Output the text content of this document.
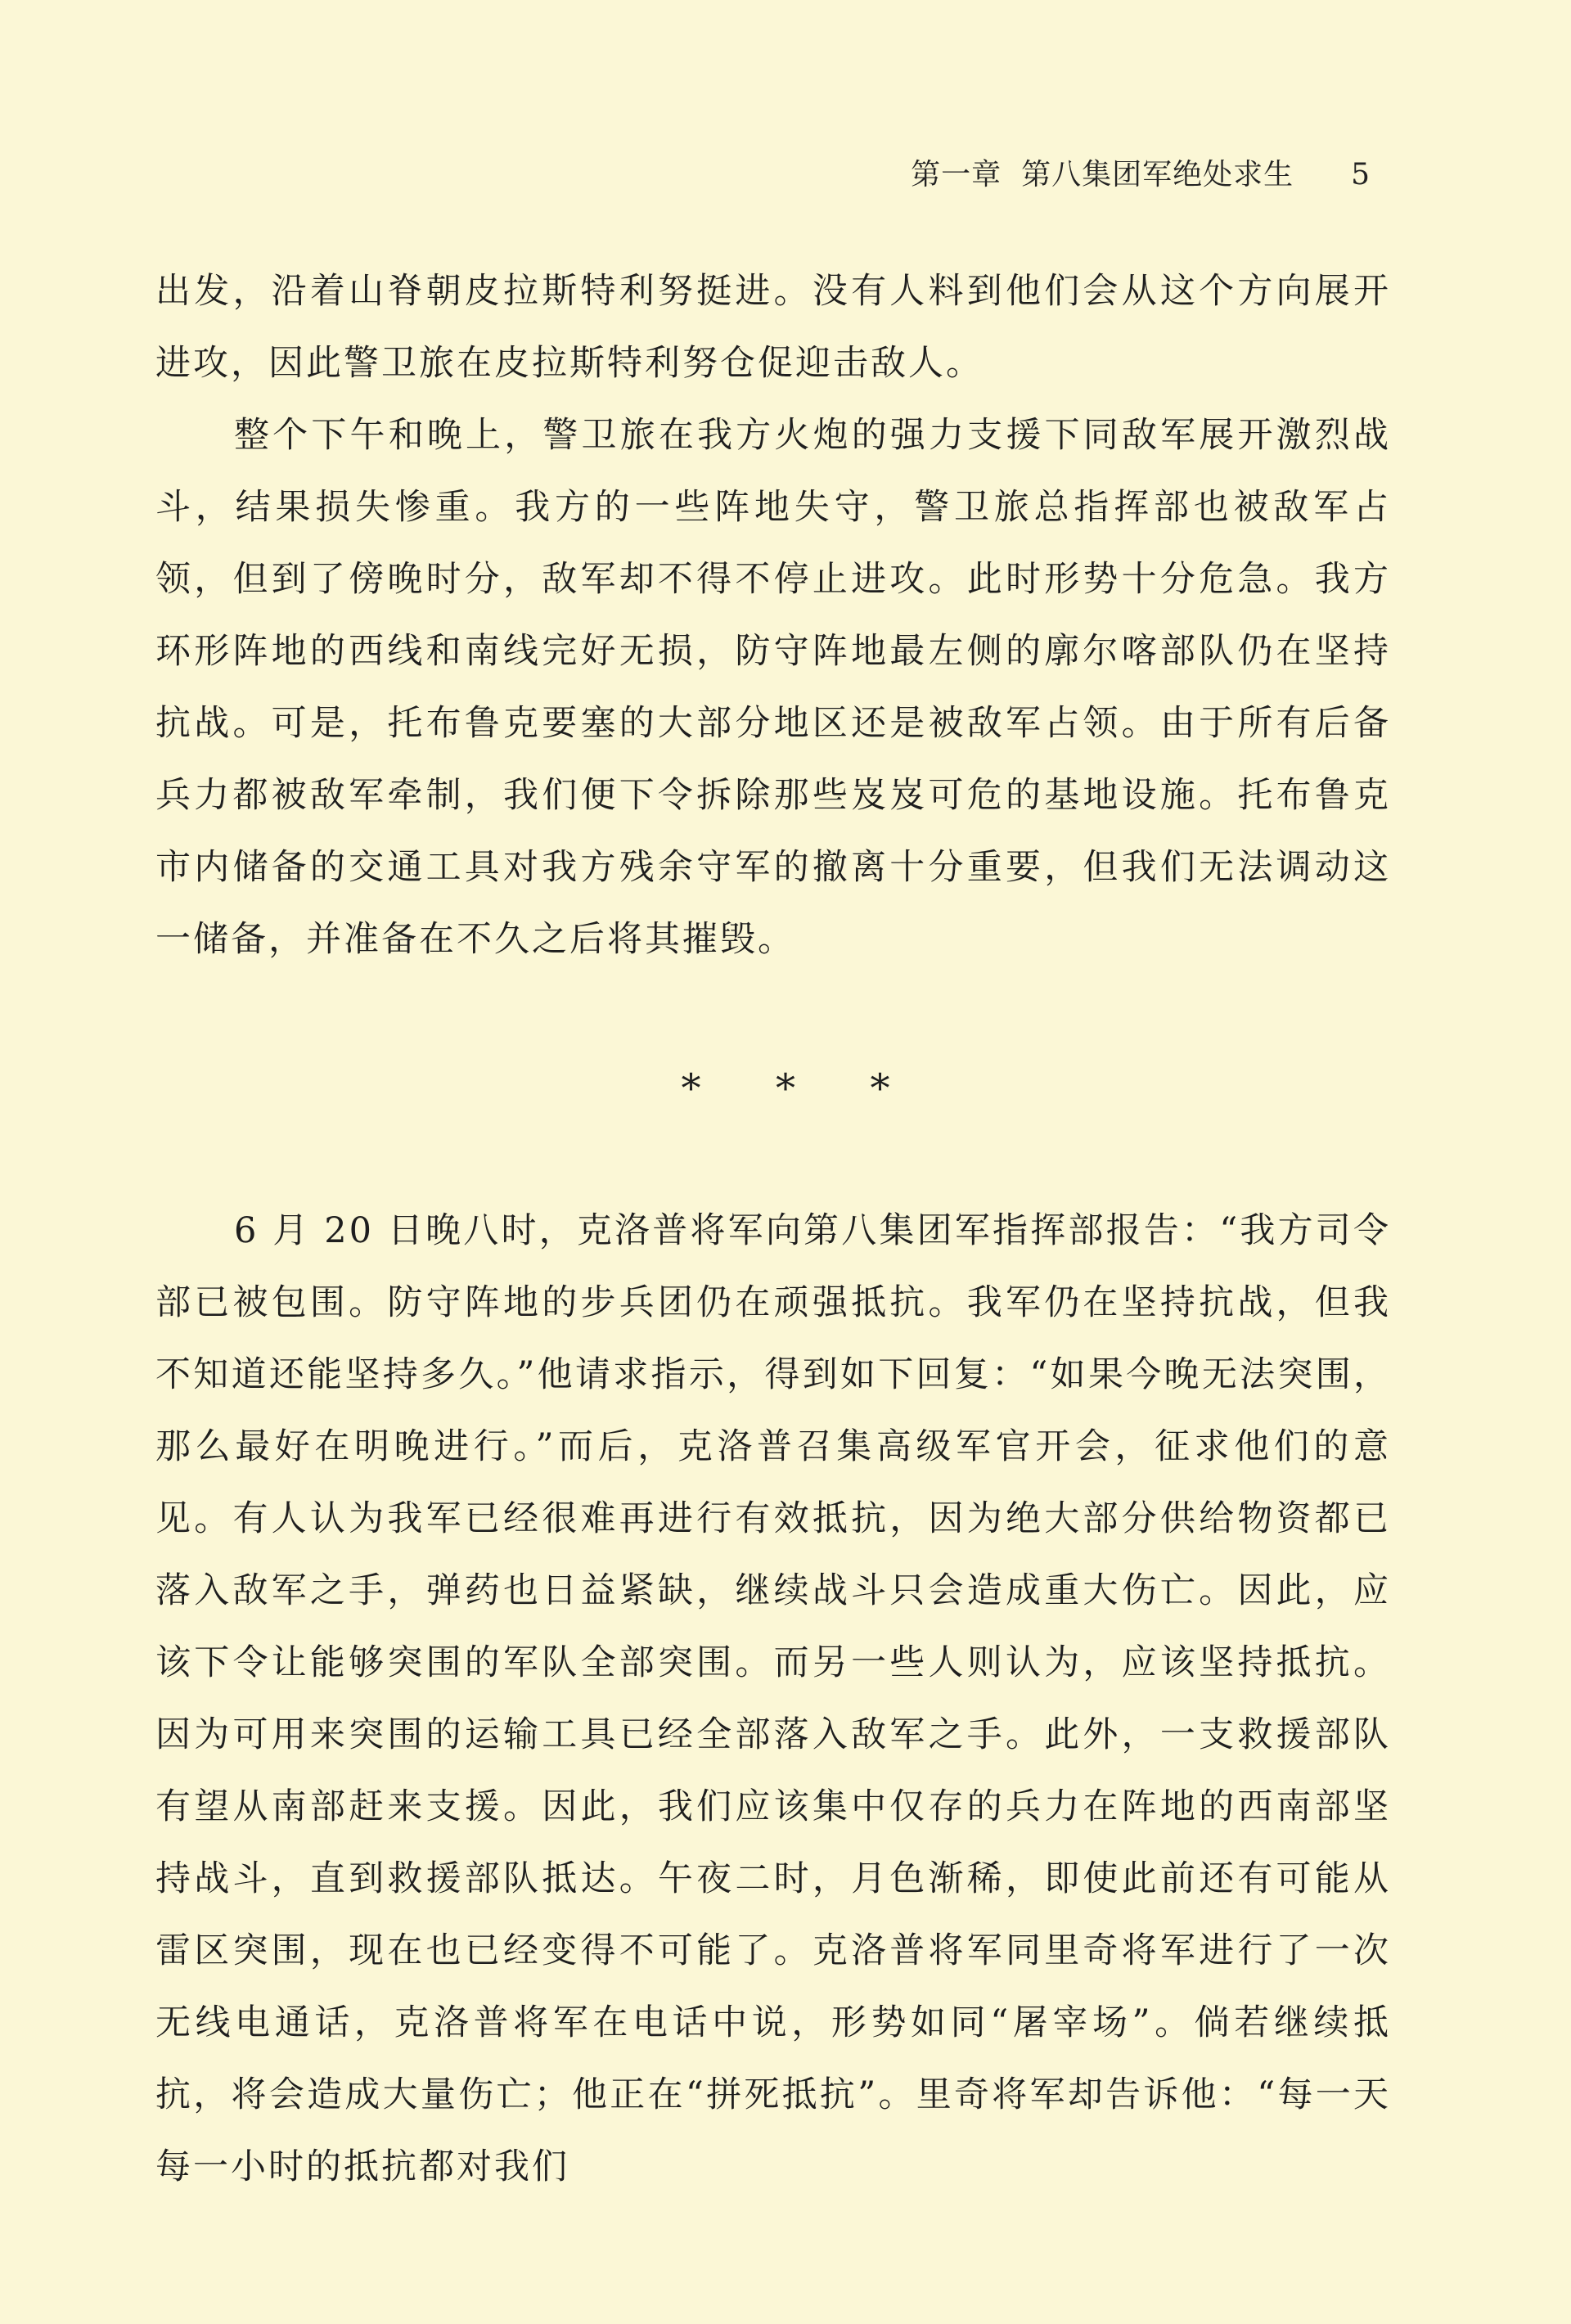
第一章 第八集团军绝处求生 5

出发，沿着山脊朝皮拉斯特利努挺进。没有人料到他们会从这个方向展开进攻，因此警卫旅在皮拉斯特利努仓促迎击敌人。

整个下午和晚上，警卫旅在我方火炮的强力支援下同敌军展开激烈战斗，结果损失惨重。我方的一些阵地失守，警卫旅总指挥部也被敌军占领，但到了傍晚时分，敌军却不得不停止进攻。此时形势十分危急。我方环形阵地的西线和南线完好无损，防守阵地最左侧的廓尔喀部队仍在坚持抗战。可是，托布鲁克要塞的大部分地区还是被敌军占领。由于所有后备兵力都被敌军牵制，我们便下令拆除那些岌岌可危的基地设施。托布鲁克市内储备的交通工具对我方残余守军的撤离十分重要，但我们无法调动这一储备，并准备在不久之后将其摧毁。

*      *      *

6 月 20 日晚八时，克洛普将军向第八集团军指挥部报告：“我方司令部已被包围。防守阵地的步兵团仍在顽强抵抗。我军仍在坚持抗战，但我不知道还能坚持多久。”他请求指示，得到如下回复：“如果今晚无法突围，那么最好在明晚进行。”而后，克洛普召集高级军官开会，征求他们的意见。有人认为我军已经很难再进行有效抵抗，因为绝大部分供给物资都已落入敌军之手，弹药也日益紧缺，继续战斗只会造成重大伤亡。因此，应该下令让能够突围的军队全部突围。而另一些人则认为，应该坚持抵抗。因为可用来突围的运输工具已经全部落入敌军之手。此外，一支救援部队有望从南部赶来支援。因此，我们应该集中仅存的兵力在阵地的西南部坚持战斗，直到救援部队抵达。午夜二时，月色渐稀，即使此前还有可能从雷区突围，现在也已经变得不可能了。克洛普将军同里奇将军进行了一次无线电通话，克洛普将军在电话中说，形势如同“屠宰场”。倘若继续抵抗，将会造成大量伤亡；他正在“拼死抵抗”。里奇将军却告诉他：“每一天每一小时的抵抗都对我们
